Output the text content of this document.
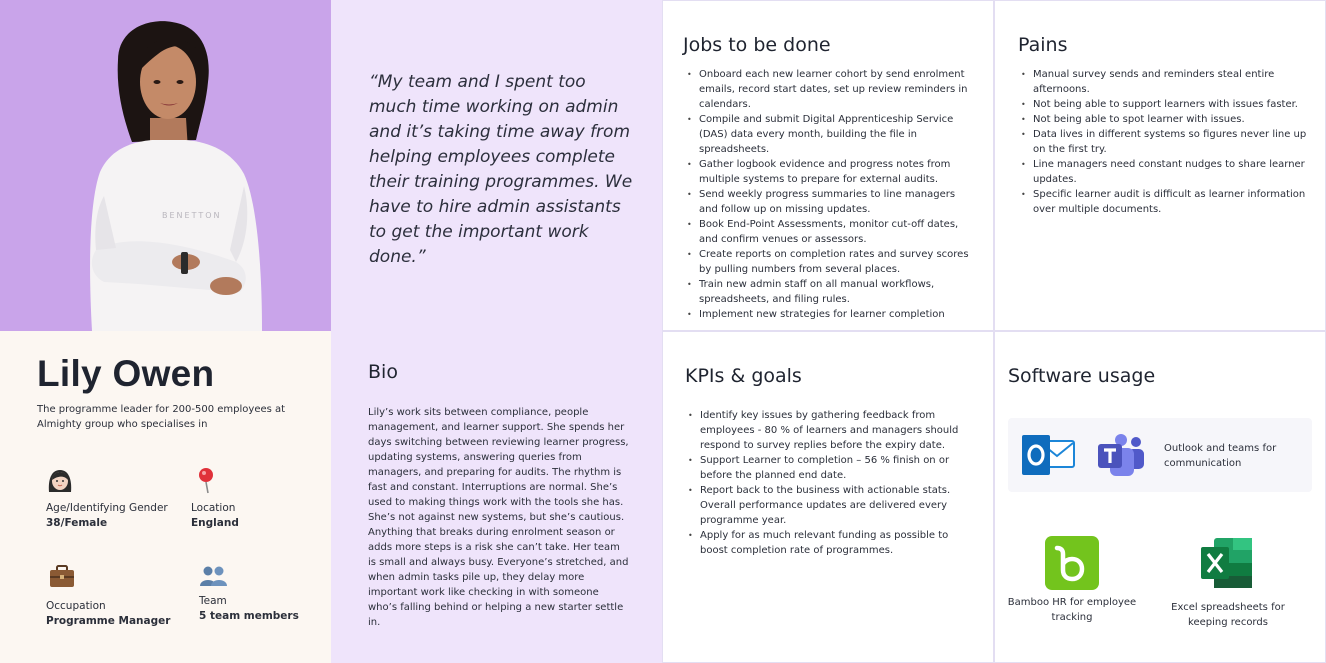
BENETTON

“My team and I spent too much time working on admin and it’s taking time away from helping employees complete their training programmes. We have to hire admin assistants to get the important work done.”

Jobs to be done
• Onboard each new learner cohort by send enrolment emails, record start dates, set up review reminders in calendars.
• Compile and submit Digital Apprenticeship Service (DAS) data every month, building the file in spreadsheets.
• Gather logbook evidence and progress notes from multiple systems to prepare for external audits.
• Send weekly progress summaries to line managers and follow up on missing updates.
• Book End-Point Assessments, monitor cut-off dates, and confirm venues or assessors.
• Create reports on completion rates and survey scores by pulling numbers from several places.
• Train new admin staff on all manual workflows, spreadsheets, and filing rules.
• Implement new strategies for learner completion
Pains
• Manual survey sends and reminders steal entire afternoons.
• Not being able to support learners with issues faster.
• Not being able to spot learner with issues.
• Data lives in different systems so figures never line up on the first try.
• Line managers need constant nudges to share learner updates.
• Specific learner audit is difficult as learner information over multiple documents.
Lily Owen
The programme leader for 200-500 employees at Almighty group who specialises in
Age/Identifying Gender
38/Female
Location
England
Occupation
Programme Manager
Team
5 team members
Bio

Lily’s work sits between compliance, people management, and learner support. She spends her days switching between reviewing learner progress, updating systems, answering queries from managers, and preparing for audits. The rhythm is fast and constant. Interruptions are normal. She’s used to making things work with the tools she has. She’s not against new systems, but she’s cautious. Anything that breaks during enrolment season or adds more steps is a risk she can’t take. Her team is small and always busy. Everyone’s stretched, and when admin tasks pile up, they delay more important work like checking in with someone who’s falling behind or helping a new starter settle in.

KPIs & goals
• Identify key issues by gathering feedback from employees - 80 % of learners and managers should respond to survey replies before the expiry date.
• Support Learner to completion – 56 % finish on or before the planned end date.
• Report back to the business with actionable stats. Overall performance updates are delivered every programme year.
• Apply for as much relevant funding as possible to boost completion rate of programmes.
Software usage
Outlook and teams for communication
Bamboo HR for employee tracking
Excel spreadsheets for keeping records
